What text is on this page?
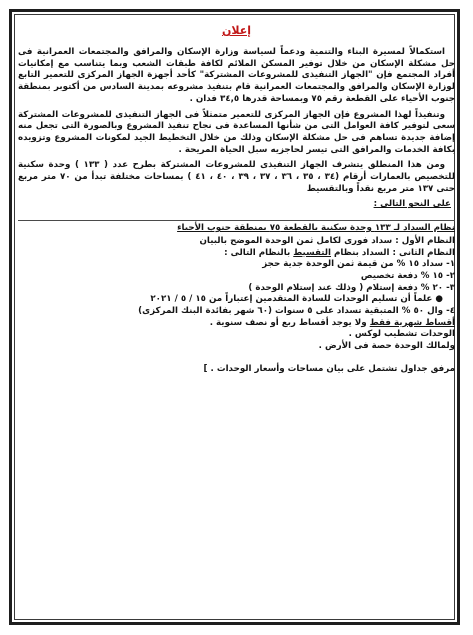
إعلان

استكمالاً لمسيرة البناء والتنمية ودعماً لسياسة وزارة الإسكان والمرافق والمجتمعات العمرانية فى حل مشكلة الإسكان من خلال توفير المسكن الملائم لكافة طبقات الشعب وبما يتناسب مع إمكانيات أفراد المجتمع فإن "الجهاز التنفيذى للمشروعات المشتركة" كأحد أجهزة الجهاز المركزى للتعمير التابع لوزارة الإسكان والمرافق والمجتمعات العمرانية قام بتنفيذ مشروعه بمدينة السادس من أكتوبر بمنطقة جنوب الأحياء على القطعة رقم ٧٥ وبمساحة قدرها ٣٤,٥ فدان .

وتنفيذاً لهذا المشروع فإن الجهاز المركزى للتعمير متمثلاً فى الجهاز التنفيذى للمشروعات المشتركة سعى لتوفير كافة العوامل التى من شأنها المساعدة فى نجاح تنفيذ المشروع وبالصورة التى تجعل منه إضافة جديدة تساهم فى حل مشكلة الإسكان وذلك من خلال التخطيط الجيد لمكونات المشروع وتزويده بكافة الخدمات والمرافق التى تيسر لحاجزيه سبل الحياة المريحة .

ومن هذا المنطلق يتشرف الجهاز التنفيذى للمشروعات المشتركة بطرح عدد ( ١٣٣ ) وحدة سكنية للتخصيص بالعمارات أرقام (٣٤ ، ٣٥ ، ٣٦ ، ٣٧ ، ٣٩ ، ٤٠ ، ٤١ ) بمساحات مختلفة تبدأ من ٧٠ متر مربع حتى ١٣٧ متر مربع نقداً وبالتقسيط

على النحو التالى :
نظام السداد لـ ١٣٣ وحدة سكنية بالقطعة ٧٥ بمنطقة جنوب الأحياء

النظام الأول : سداد فورى لكامل ثمن الوحدة الموضح بالبيان

النظام الثانى : السداد بنظام التقسيط بالنظام التالى :

١- سداد ١٥ % من قيمة ثمن الوحدة جدية حجز

٢- ١٥ % دفعة تخصيص

٣- ٢٠ % دفعة إستلام ( وذلك عند إستلام الوحدة )

● علماً أن تسليم الوحدات للسادة المتقدمين إعتباراً من ١٥ / ٥ / ٢٠٢١

٤- وال ٥٠ % المتبقية تسداد على ٥ سنوات (٦٠ شهر بفائدة البنك المركزى)

أقساط شهرية فقط ولا يوجد أقساط ربع أو نصف سنوية .

الوحدات تشطيب لوكس .

ولمالك الوحدة حصة فى الأرض .

مرفق جداول تشتمل على بيان مساحات وأسعار الوحدات . ]
